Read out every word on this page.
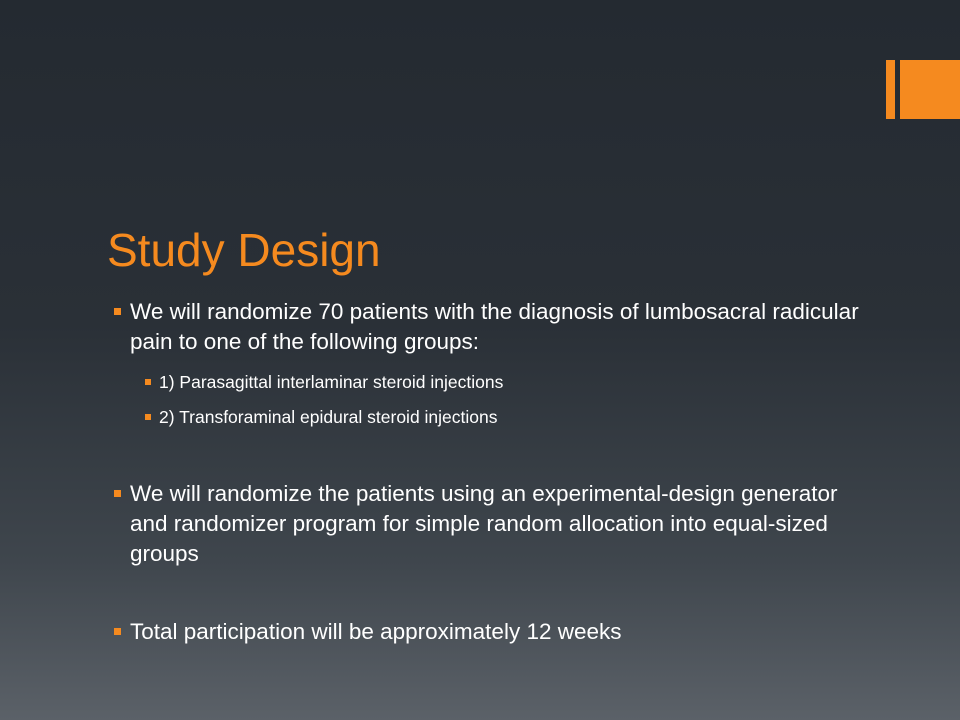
Study Design
We will randomize 70 patients with the diagnosis of lumbosacral radicular pain to one of the following groups:
1) Parasagittal interlaminar steroid injections
2) Transforaminal epidural steroid injections
We will randomize the patients using an experimental-design generator and randomizer program for simple random allocation into equal-sized groups
Total participation will be approximately 12 weeks
